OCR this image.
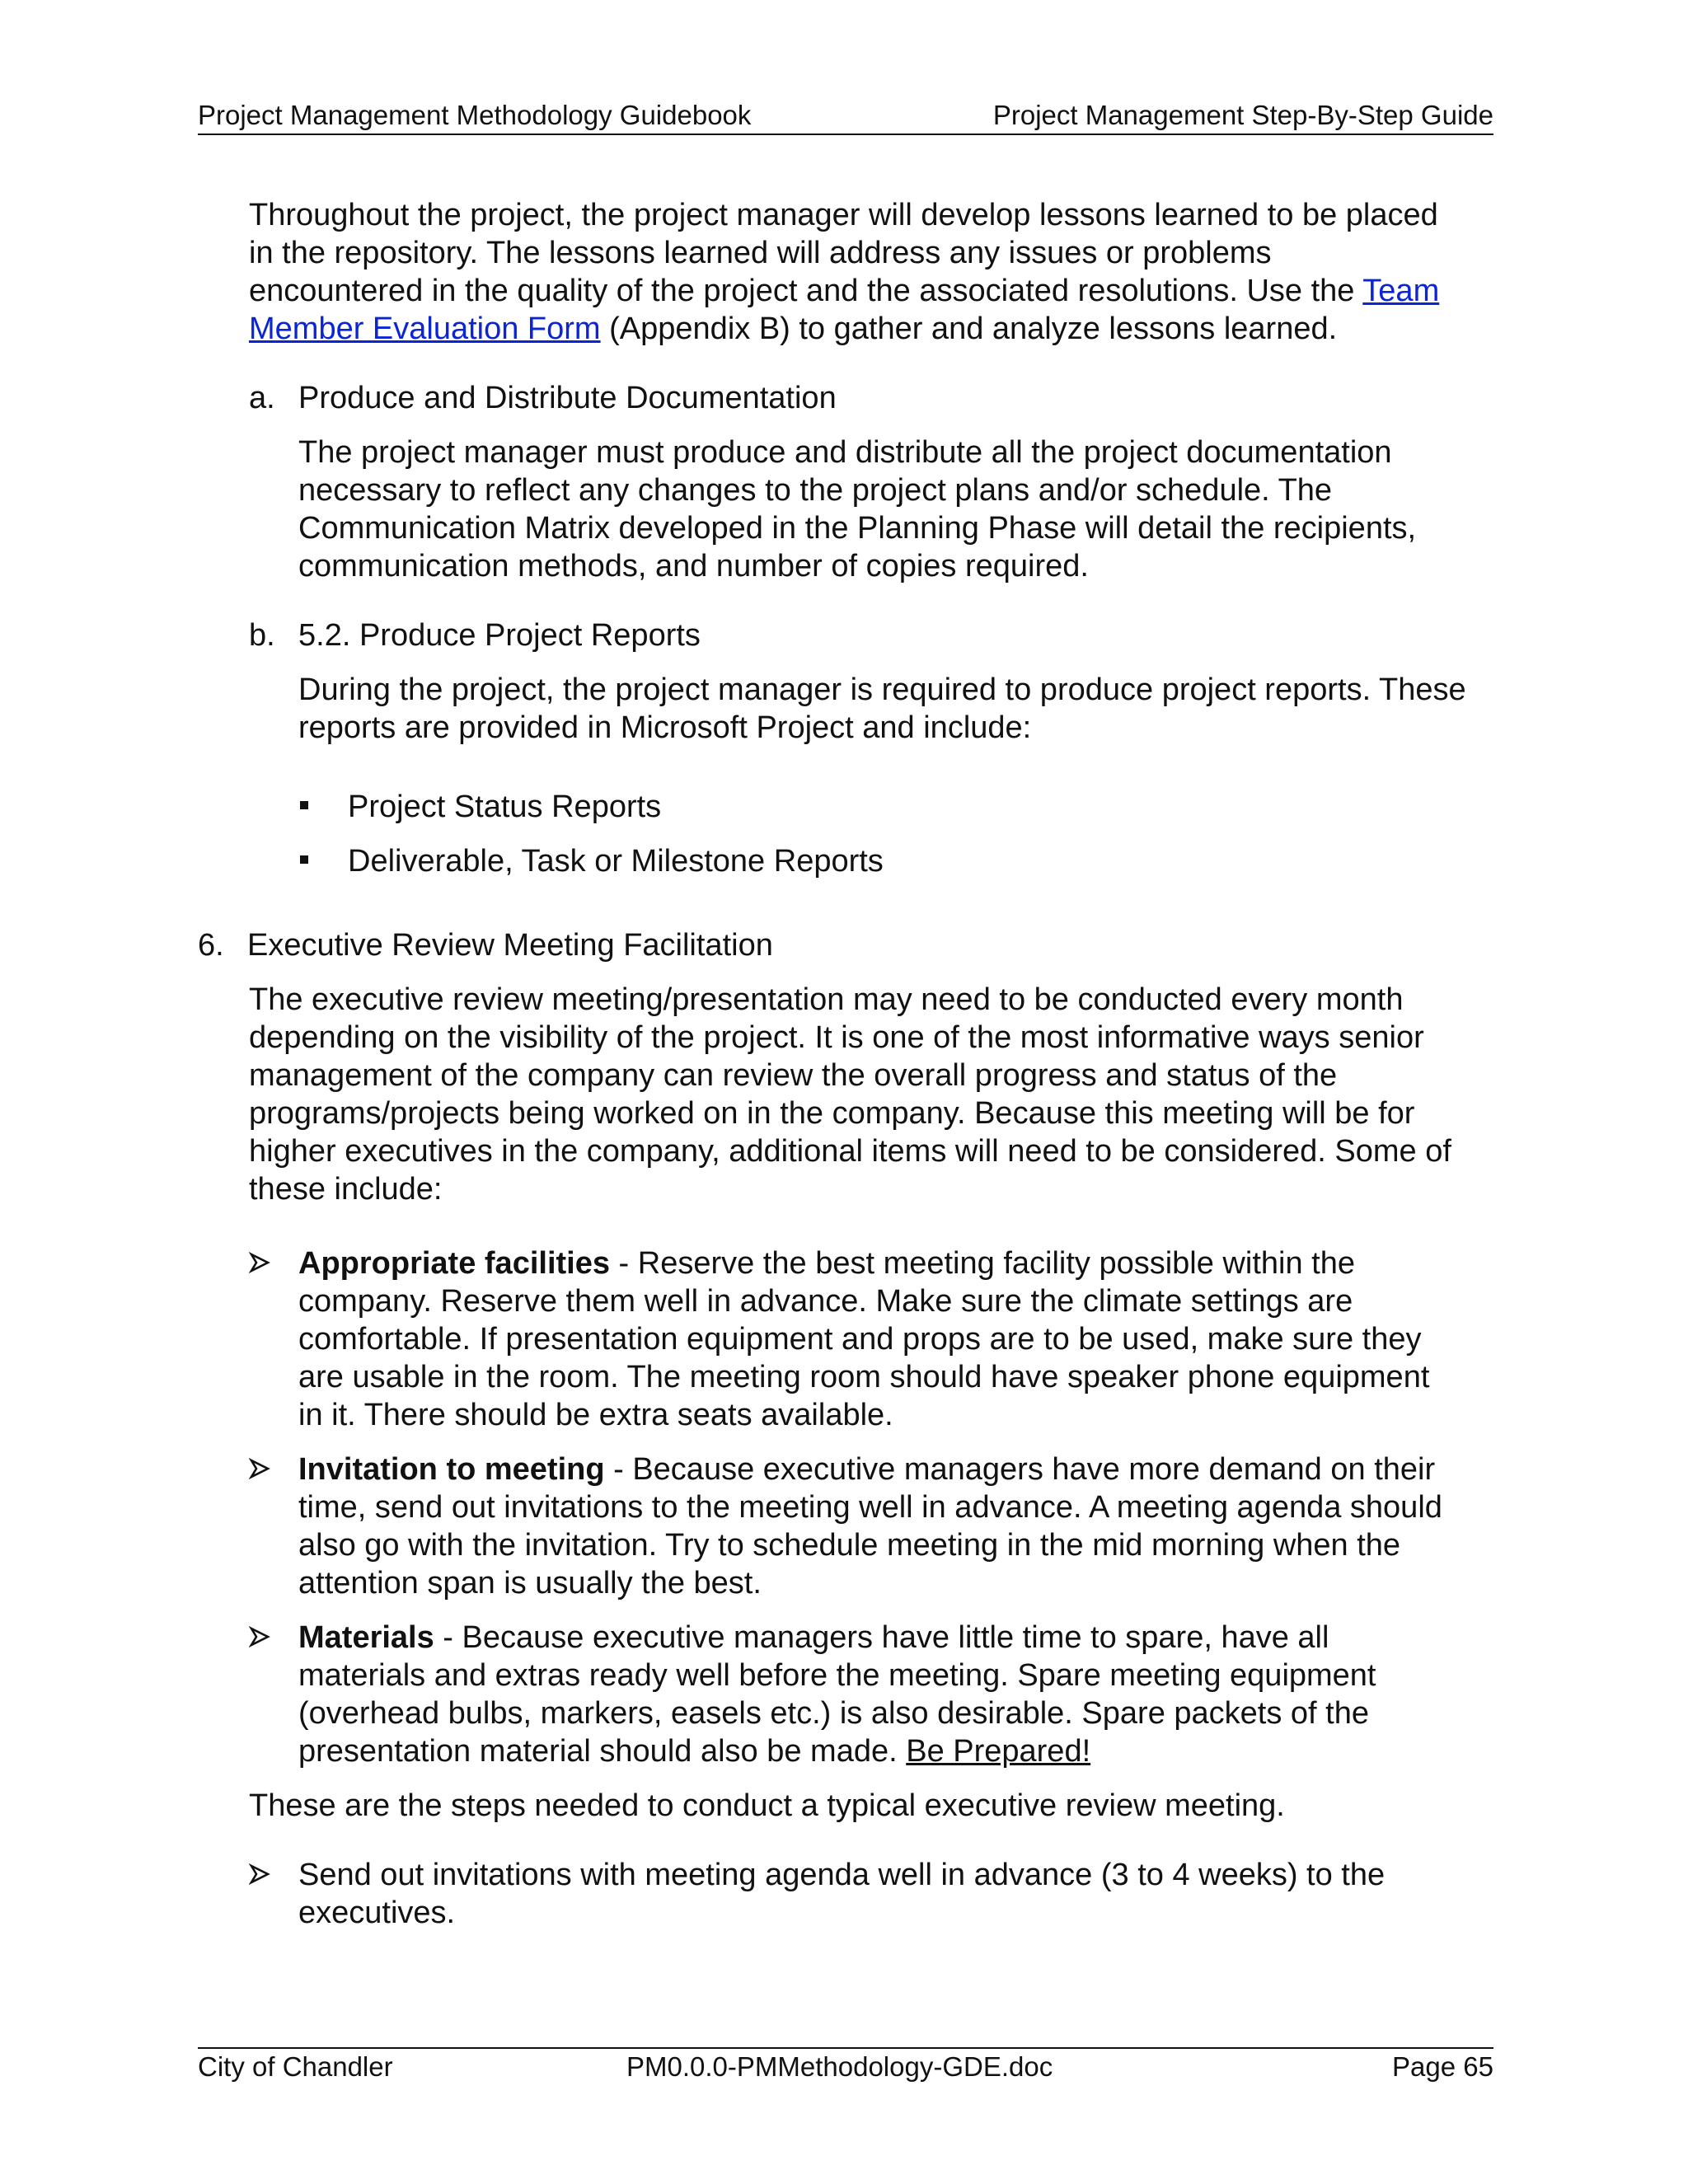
Project Management Methodology Guidebook	Project Management Step-By-Step Guide

Throughout the project, the project manager will develop lessons learned to be placed in the repository. The lessons learned will address any issues or problems encountered in the quality of the project and the associated resolutions. Use the Team Member Evaluation Form (Appendix B) to gather and analyze lessons learned.

a. Produce and Distribute Documentation

The project manager must produce and distribute all the project documentation necessary to reflect any changes to the project plans and/or schedule. The Communication Matrix developed in the Planning Phase will detail the recipients, communication methods, and number of copies required.

b. 5.2. Produce Project Reports

During the project, the project manager is required to produce project reports. These reports are provided in Microsoft Project and include:

Project Status Reports
Deliverable, Task or Milestone Reports

6. Executive Review Meeting Facilitation

The executive review meeting/presentation may need to be conducted every month depending on the visibility of the project. It is one of the most informative ways senior management of the company can review the overall progress and status of the programs/projects being worked on in the company. Because this meeting will be for higher executives in the company, additional items will need to be considered. Some of these include:

Appropriate facilities - Reserve the best meeting facility possible within the company. Reserve them well in advance. Make sure the climate settings are comfortable. If presentation equipment and props are to be used, make sure they are usable in the room. The meeting room should have speaker phone equipment in it. There should be extra seats available.
Invitation to meeting - Because executive managers have more demand on their time, send out invitations to the meeting well in advance. A meeting agenda should also go with the invitation. Try to schedule meeting in the mid morning when the attention span is usually the best.
Materials - Because executive managers have little time to spare, have all materials and extras ready well before the meeting. Spare meeting equipment (overhead bulbs, markers, easels etc.) is also desirable. Spare packets of the presentation material should also be made. Be Prepared!

These are the steps needed to conduct a typical executive review meeting.

Send out invitations with meeting agenda well in advance (3 to 4 weeks) to the executives.
City of Chandler	PM0.0.0-PMMethodology-GDE.doc	Page 65
